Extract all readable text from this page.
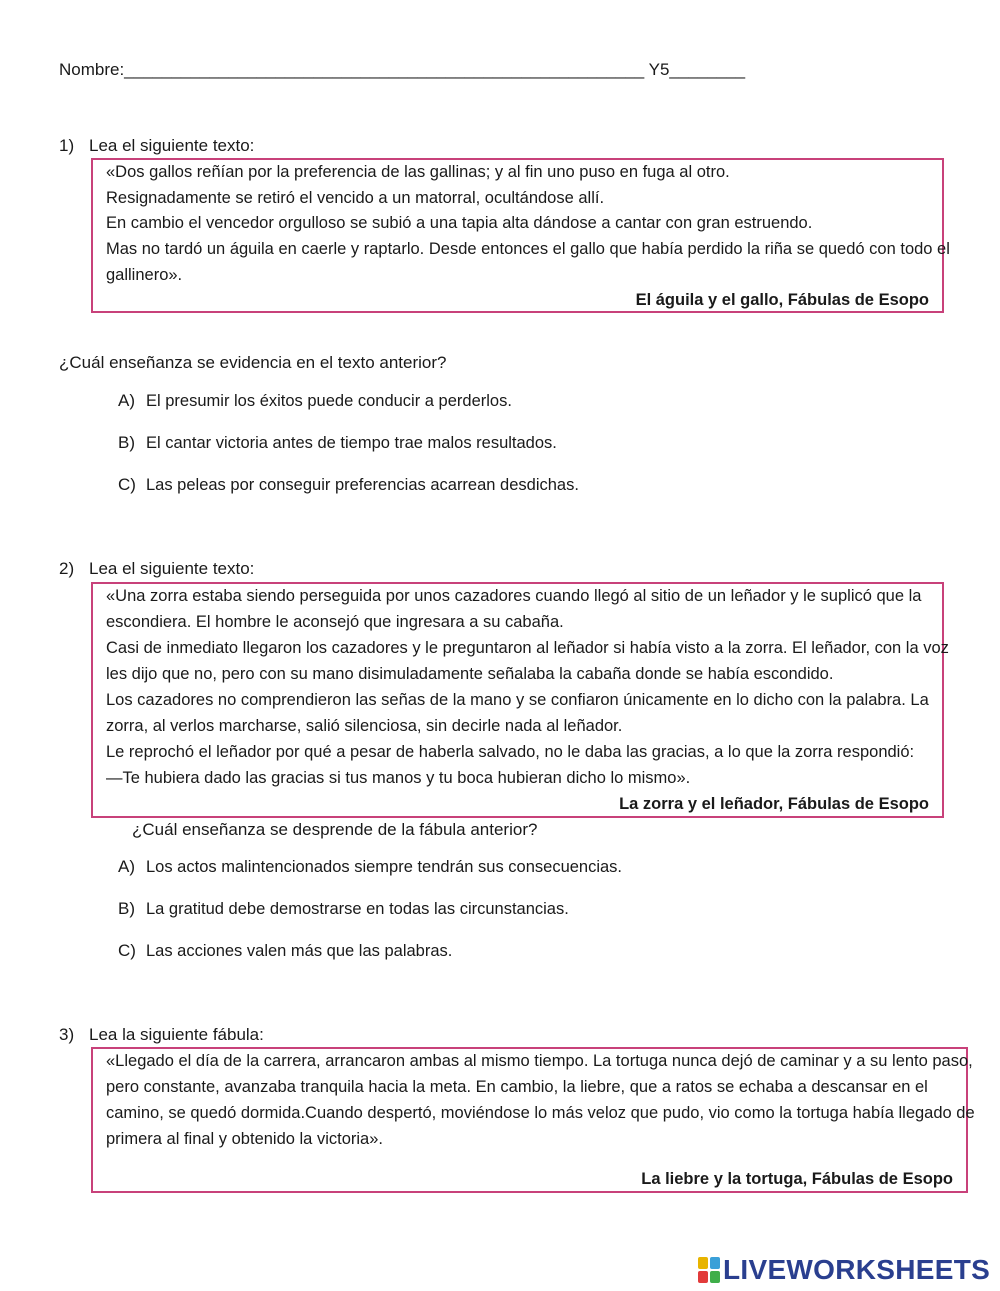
Nombre:_______________________________________________________ Y5________
1) Lea el siguiente texto:
«Dos gallos reñían por la preferencia de las gallinas; y al fin uno puso en fuga al otro.
Resignadamente se retiró el vencido a un matorral, ocultándose allí.
En cambio el vencedor orgulloso se subió a una tapia alta dándose a cantar con gran estruendo.
Mas no tardó un águila en caerle y raptarlo. Desde entonces el gallo que había perdido la riña se quedó con todo el
gallinero».
El águila y el gallo, Fábulas de Esopo
¿Cuál enseñanza se evidencia en el texto anterior?
A) El presumir los éxitos puede conducir a perderlos.
B) El cantar victoria antes de tiempo trae malos resultados.
C) Las peleas por conseguir preferencias acarrean desdichas.
2) Lea el siguiente texto:
«Una zorra estaba siendo perseguida por unos cazadores cuando llegó al sitio de un leñador y le suplicó que la
escondiera. El hombre le aconsejó que ingresara a su cabaña.
Casi de inmediato llegaron los cazadores y le preguntaron al leñador si había visto a la zorra. El leñador, con la voz
les dijo que no, pero con su mano disimuladamente señalaba la cabaña donde se había escondido.
Los cazadores no comprendieron las señas de la mano y se confiaron únicamente en lo dicho con la palabra. La
zorra, al verlos marcharse, salió silenciosa, sin decirle nada al leñador.
Le reprochó el leñador por qué a pesar de haberla salvado, no le daba las gracias, a lo que la zorra respondió:
—Te hubiera dado las gracias si tus manos y tu boca hubieran dicho lo mismo».
La zorra y el leñador, Fábulas de Esopo
¿Cuál enseñanza se desprende de la fábula anterior?
A) Los actos malintencionados siempre tendrán sus consecuencias.
B) La gratitud debe demostrarse en todas las circunstancias.
C) Las acciones valen más que las palabras.
3) Lea la siguiente fábula:
«Llegado el día de la carrera, arrancaron ambas al mismo tiempo. La tortuga nunca dejó de caminar y a su lento paso,
pero constante, avanzaba tranquila hacia la meta. En cambio, la liebre, que a ratos se echaba a descansar en el
camino, se quedó dormida.Cuando despertó, moviéndose lo más veloz que pudo, vio como la tortuga había llegado de
primera al final y obtenido la victoria».
La liebre y la tortuga, Fábulas de Esopo
LIVEWORKSHEETS
